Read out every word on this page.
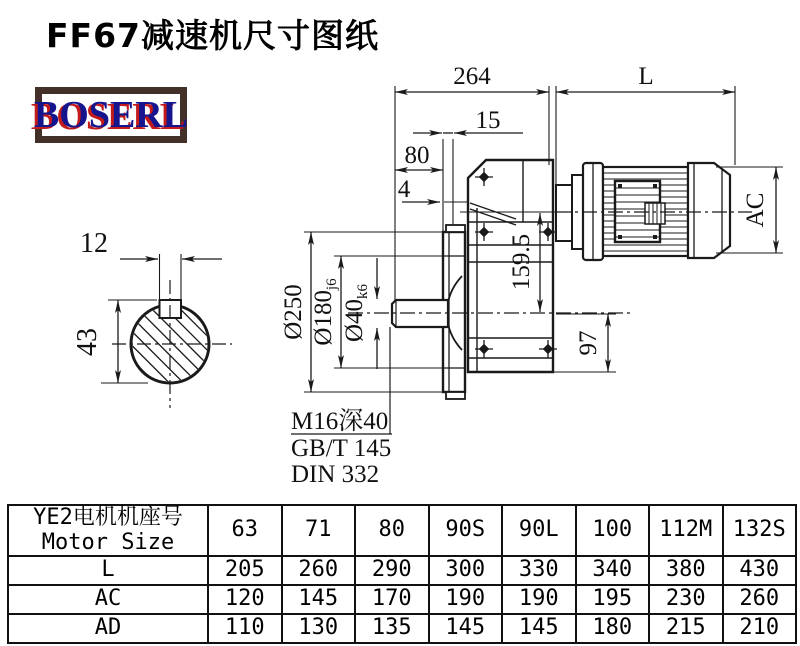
FF67减速机尺寸图纸
BOSERL
12
43
264	L
15
80
4
AC
Ø250 $Ø180_{j6}$
$Ø40_{k6}$
159.5
97
M16深40
GB/T 145
DIN 332
YE2电机机座号
Motor Size	63	71	80	90S	90L	100	112M	132S
L	205	260	290	300	330	340	380	430
AC	120	145	170	190	190	195	230	260
AD	110	130	135	145	145	180	215	210
